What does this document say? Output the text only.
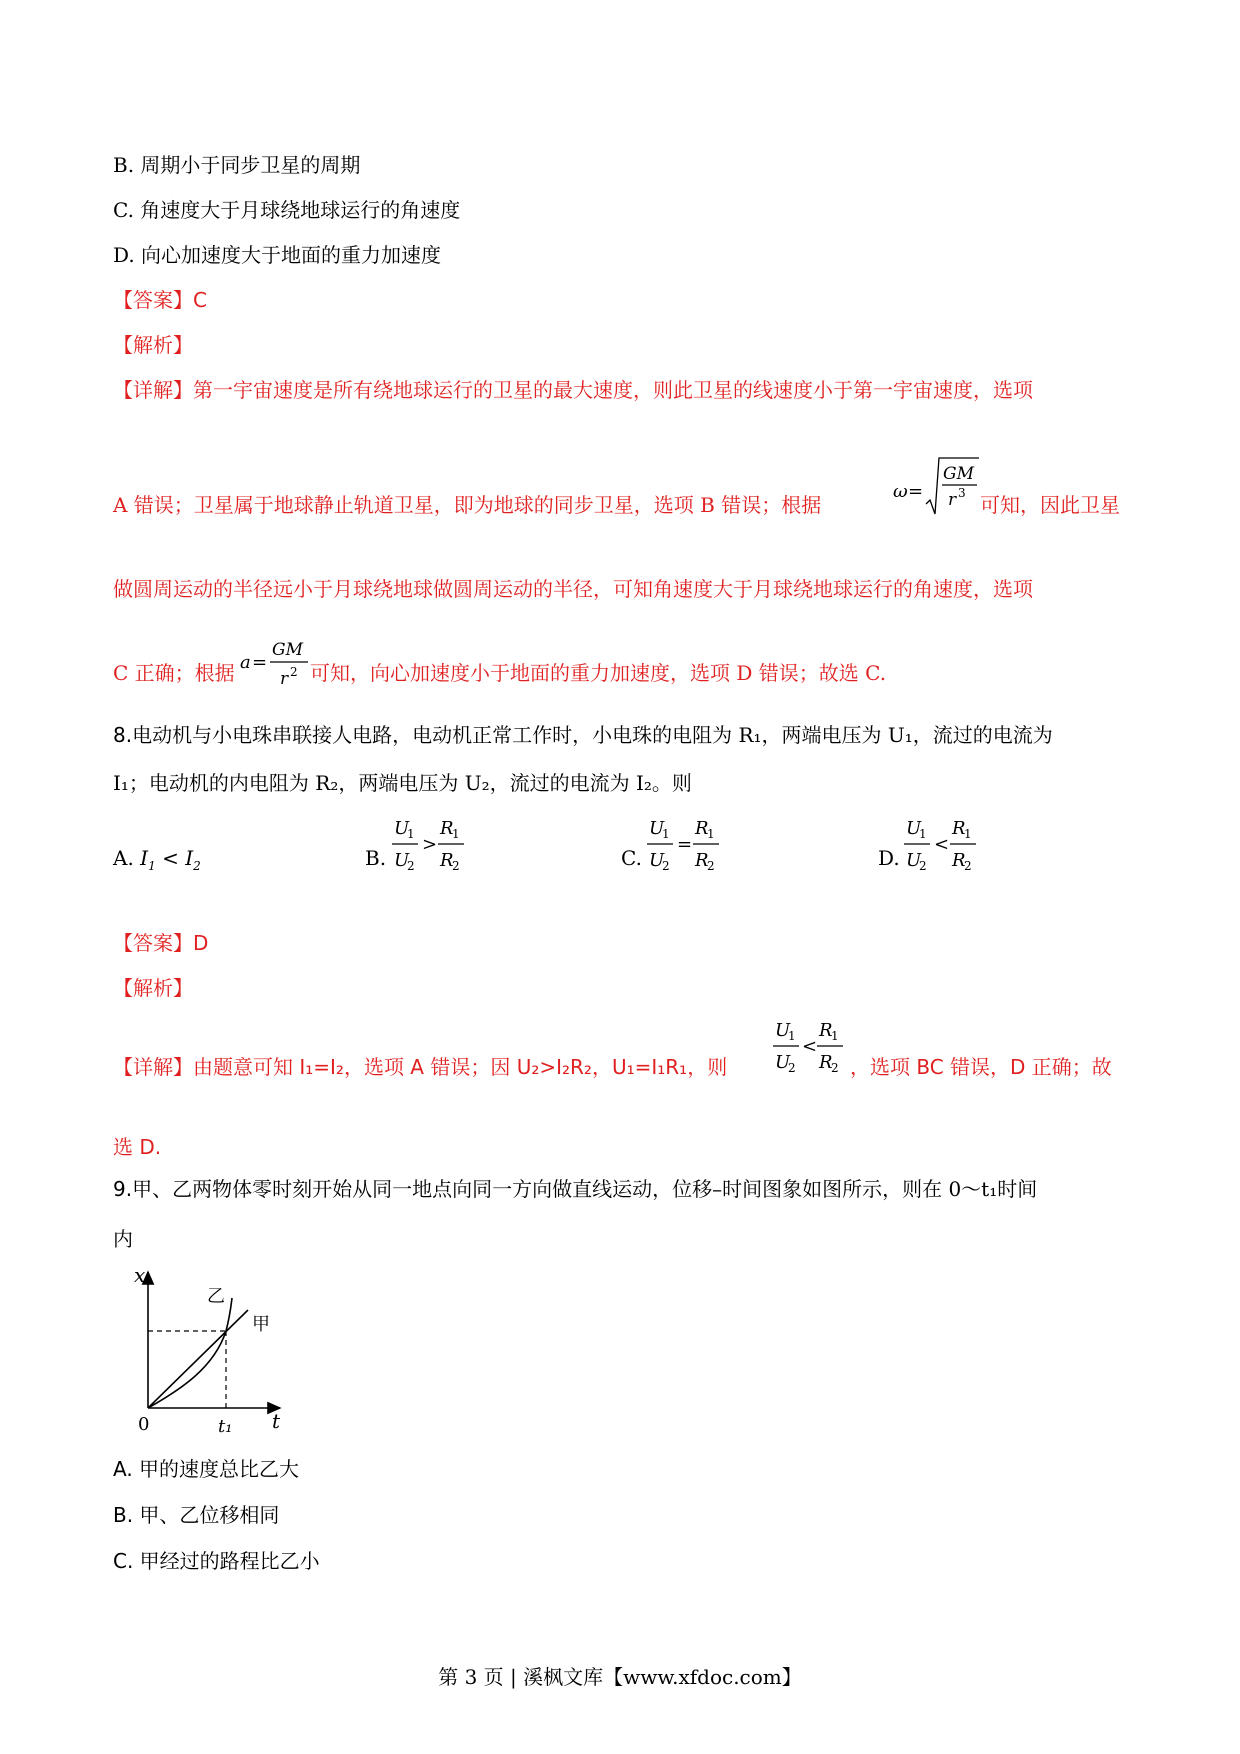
B. 周期小于同步卫星的周期
C. 角速度大于月球绕地球运行的角速度
D. 向心加速度大于地面的重力加速度
【答案】C
【解析】
【详解】第一宇宙速度是所有绕地球运行的卫星的最大速度，则此卫星的线速度小于第一宇宙速度，选项
A 错误；卫星属于地球静止轨道卫星，即为地球的同步卫星，选项 B 错误；根据
ω =
GM
r 3 可知，因此卫星
做圆周运动的半径远小于月球绕地球做圆周运动的半径，可知角速度大于月球绕地球运行的角速度，选项
C 正确；根据 a =
GM
r 2 可知，向心加速度小于地面的重力加速度，选项 D 错误；故选 C.
8.电动机与小电珠串联接人电路，电动机正常工作时，小电珠的电阻为 R₁，两端电压为 U₁，流过的电流为
I₁；电动机的内电阻为 R₂，两端电压为 U₂，流过的电流为 I₂。则
A. $I_1 < I_2$	B.
U
1
U
2
>
R
1
R
2	C.
U
1
U
2
=
R
1
R
2	D.
U
1
U
2
<
R
1
R
2
【答案】D
【解析】
【详解】由题意可知 I₁=I₂，选项 A 错误；因 U₂>I₂R₂，U₁=I₁R₁，则
U
1
U
2
<
R
1
R
2 ，选项 BC 错误，D 正确；故
选 D.
9.甲、乙两物体零时刻开始从同一地点向同一方向做直线运动，位移–时间图象如图所示，则在 0～t₁时间
内
x
t
0	t₁
乙
甲
A. 甲的速度总比乙大
B. 甲、乙位移相同
C. 甲经过的路程比乙小
第 3 页 | 溪枫文库【www.xfdoc.com】
